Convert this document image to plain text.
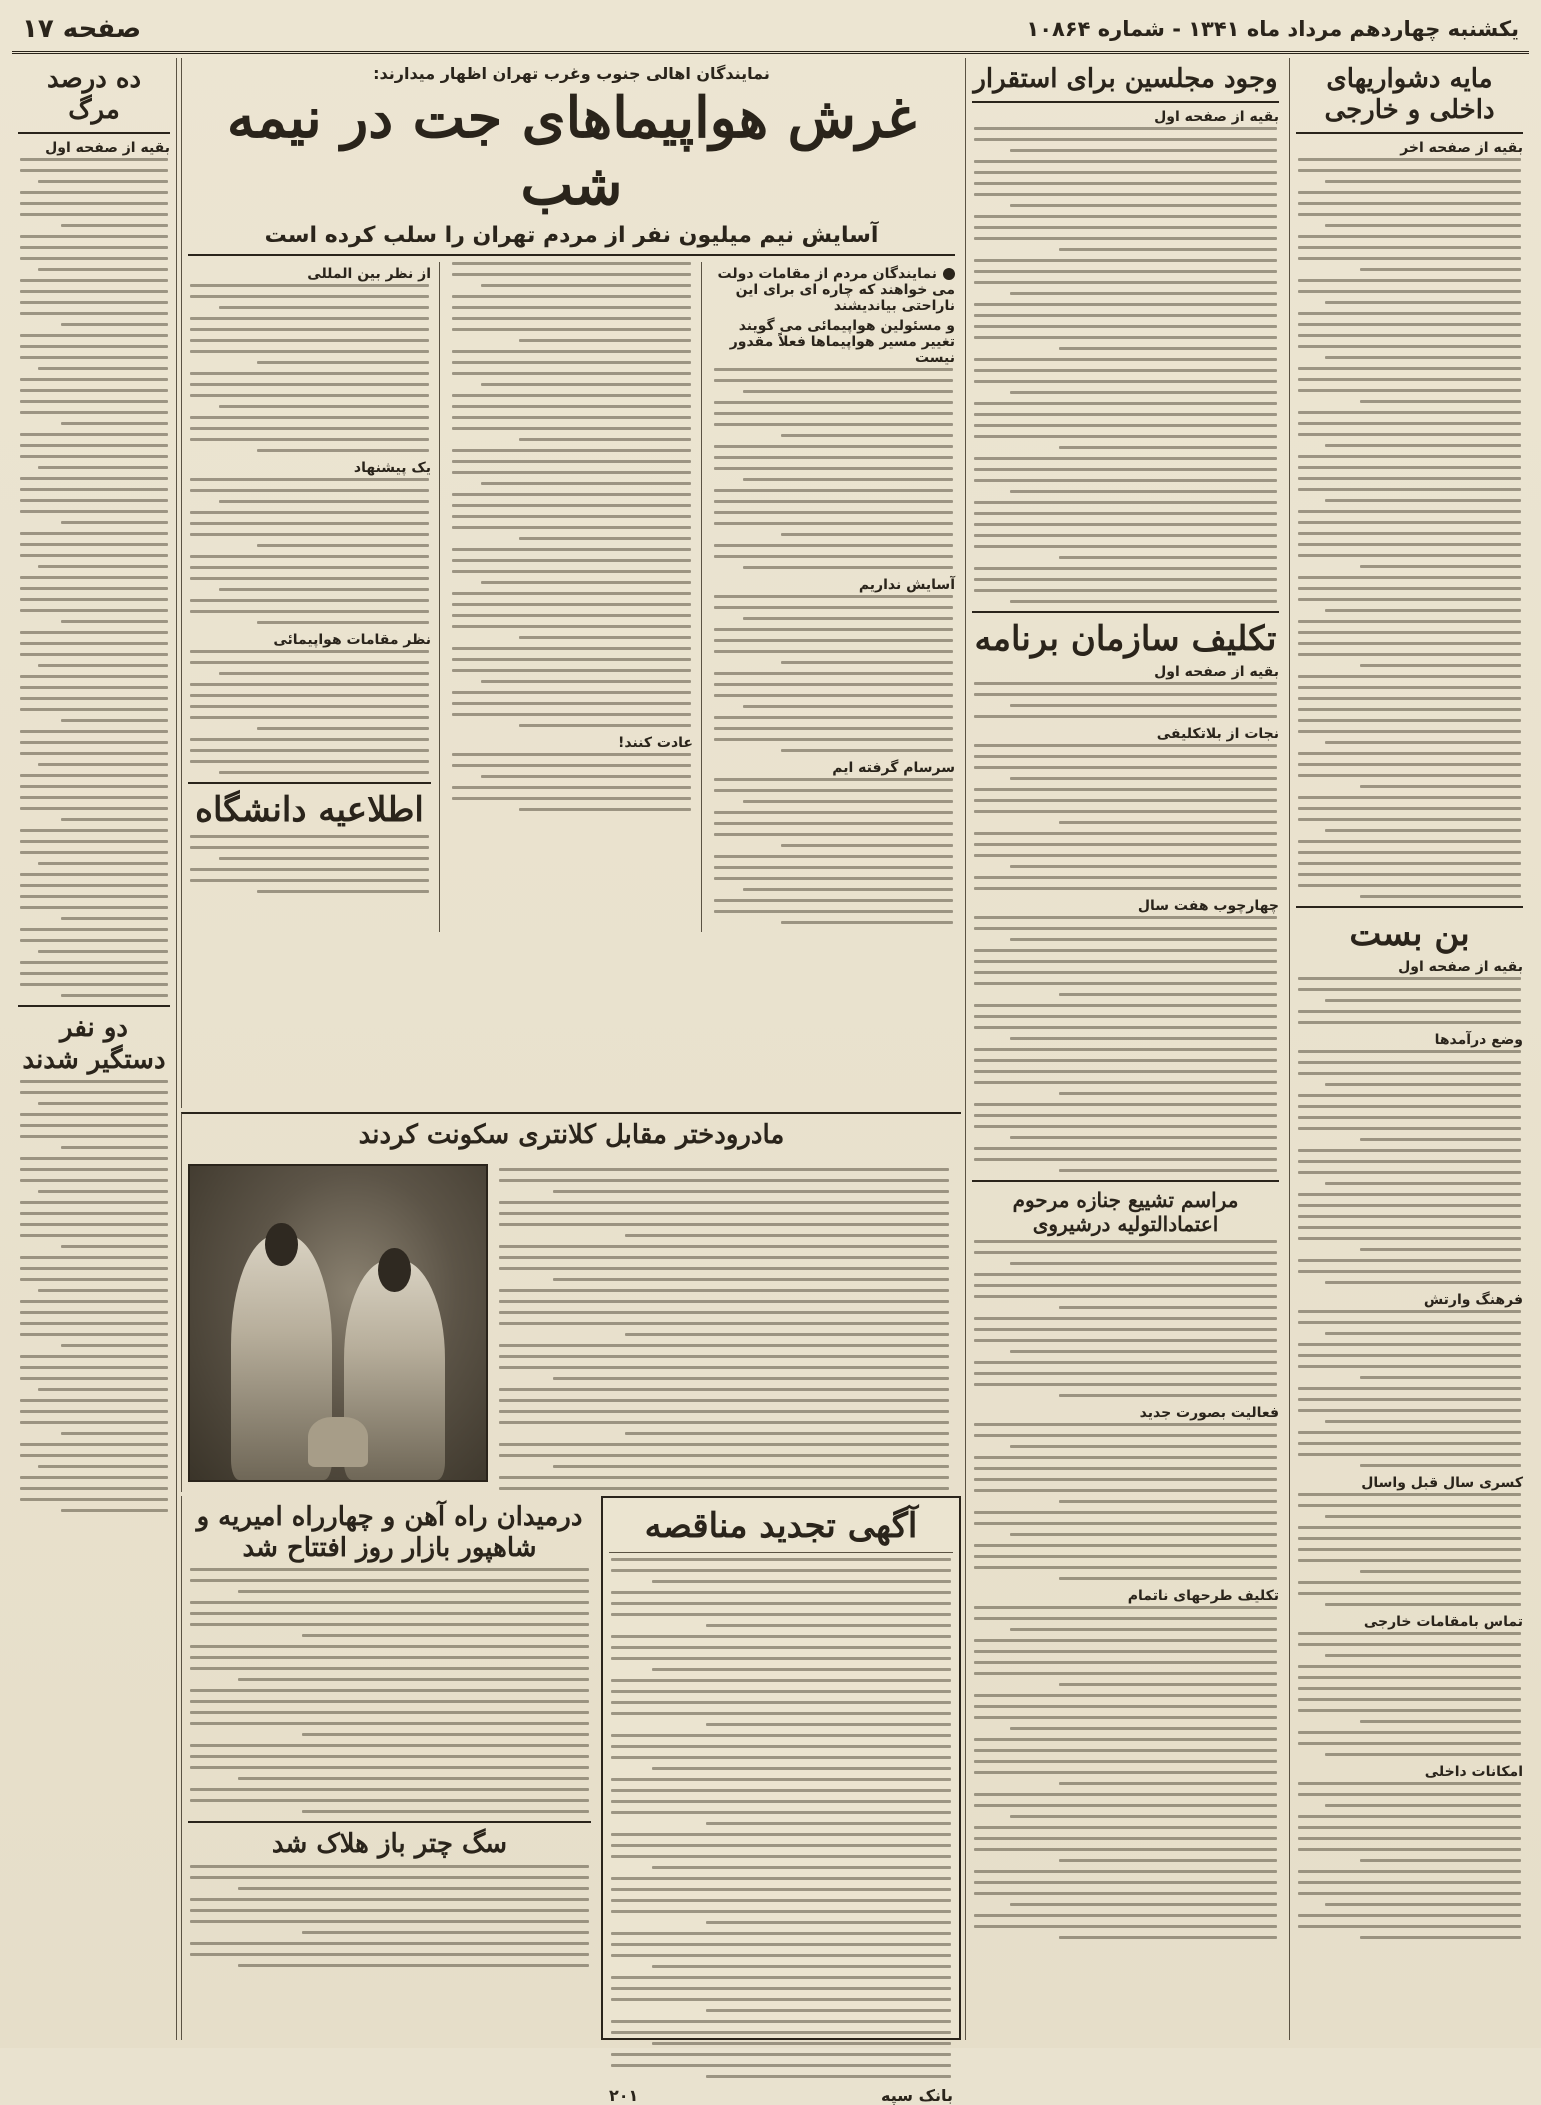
یکشنبه چهاردهم مرداد ماه ۱۳۴۱ - شماره ۱۰۸۶۴
صفحه ۱۷
مایه دشواریهای داخلی و خارجی
بقیه از صفحه اخر
بن بست
بقیه از صفحه اول
وضع درآمدها
فرهنگ وارتش
کسری سال قبل واسال
تماس بامقامات خارجی
امکانات داخلی
وجود مجلسین برای استقرار
بقیه از صفحه اول
تکلیف سازمان برنامه
بقیه از صفحه اول
نجات از بلاتکلیفی
چهارچوب هفت سال
مراسم تشییع جنازه مرحوم اعتمادالتولیه درشیروی
فعالیت بصورت جدید
تکلیف طرحهای ناتمام
نمایندگان اهالی جنوب وغرب تهران اظهار میدارند:
غرش هواپیماهای جت در نیمه شب
آسایش نیم میلیون نفر از مردم تهران را سلب کرده است
نمایندگان مردم از مقامات دولت می خواهند که چاره ای برای این ناراحتی بیاندیشند
و مسئولین هواپیمائی می گویند تغییر مسیر هواپیماها فعلاً مقدور نیست
آسایش نداریم
سرسام گرفته ایم
عادت کنند!
از نظر بین المللی
یک پیشنهاد
نظر مقامات هواپیمائی
اطلاعیه دانشگاه
مادرودختر مقابل کلانتری سکونت کردند
آگهی تجدید مناقصه
بانک سپه
۲۰۱
درمیدان راه آهن و چهارراه امیریه و شاهپور بازار روز افتتاح شد
سگ چتر باز هلاک شد
ده درصد مرگ
بقیه از صفحه اول
دو نفر دستگیر شدند
